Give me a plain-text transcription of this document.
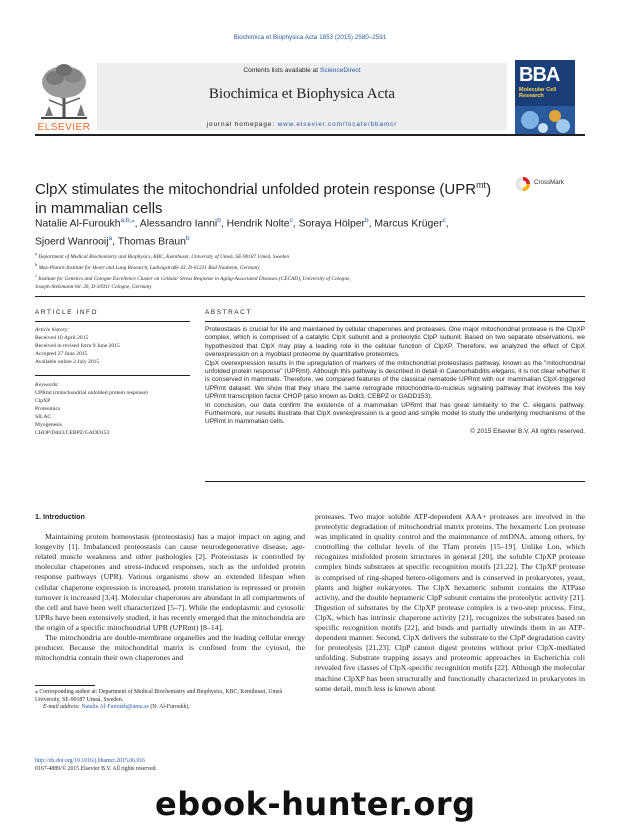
Biochimica et Biophysica Acta 1853 (2015) 2580–2591
ELSEVIER
Contents lists available at ScienceDirect
Biochimica et Biophysica Acta
journal homepage: www.elsevier.com/locate/bbamcr
BBA
Molecular Cell Research
ClpX stimulates the mitochondrial unfolded protein response $(UPR^{mt})$ in mammalian cells
CrossMark
Natalie Al-Furoukh$^{a,b,⁎}$, Alessandro Ianni$^b$, Hendrik Nolte$^c$, Soraya Hölper$^b$, Marcus Krüger$^c$,
Sjoerd Wanrooij$^a$, Thomas Braun$^b$
$^a$ Department of Medical Biochemistry and Biophysics, KBC, Kemihuset, University of Umeå, SE-90187 Umeå, Sweden
$^b$ Max-Planck-Institute for Heart and Lung Research, Ludwigstraße 43, D-61231 Bad Nauheim, Germany
$^c$ Institute for Genetics and Cologne Excellence Cluster on Cellular Stress Response in Aging-Associated Diseases (CECAD), University of Cologne,
Joseph-Stelzmann-Str. 26, D-50931 Cologne, Germany
ARTICLE INFO	ABSTRACT
Article history:
Received 10 April 2015
Received in revised form 9 June 2015
Accepted 27 June 2015
Available online 2 July 2015
Keywords:
UPRmt (mitochondrial unfolded protein response)
ClpXP
Proteomics
SILAC
Myogenesis
CHOP/Ddit3/CEBPZ/GADD153

Proteostasis is crucial for life and maintained by cellular chaperones and proteases. One major mitochondrial protease is the ClpXP complex, which is comprised of a catalytic ClpX subunit and a proteolytic ClpP subunit. Based on two separate observations, we hypothesized that ClpX may play a leading role in the cellular function of ClpXP. Therefore, we analyzed the effect of ClpX overexpression on a myoblast proteome by quantitative proteomics.

ClpX overexpression results in the upregulation of markers of the mitochondrial proteostasis pathway, known as the "mitochondrial unfolded protein response" (UPRmt). Although this pathway is described in detail in Caenorhabditis elegans, it is not clear whether it is conserved in mammals. Therefore, we compared features of the classical nematode UPRmt with our mammalian ClpX-triggered UPRmt dataset. We show that they share the same retrograde mitochondria-to-nucleus signaling pathway that involves the key UPRmt transcription factor CHOP (also known as Ddit3, CEBPZ or GADD153).

In conclusion, our data confirm the existence of a mammalian UPRmt that has great similarity to the C. elegans pathway. Furthermore, our results illustrate that ClpX overexpression is a good and simple model to study the underlying mechanisms of the UPRmt in mammalian cells.

© 2015 Elsevier B.V. All rights reserved.

1. Introduction

Maintaining protein homeostasis (proteostasis) has a major impact on aging and longevity [1]. Imbalanced proteostasis can cause neurodegenerative disease, age-related muscle weakness and other pathologies [2]. Proteostasis is controlled by molecular chaperones and stress-induced responses, such as the unfolded protein response pathways (UPR). Various organisms show an extended lifespan when cellular chaperone expression is increased, protein translation is repressed or protein turnover is increased [3,4]. Molecular chaperones are abundant in all compartments of the cell and have been well characterized [5–7]. While the endoplasmic and cytosolic UPRs have been extensively studied, it has recently emerged that the mitochondria are the origin of a specific mitochondrial UPR (UPRmt) [8–14].

The mitochondria are double-membrane organelles and the leading cellular energy producer. Because the mitochondrial matrix is confined from the cytosol, the mitochondria contain their own chaperones and

proteases. Two major soluble ATP-dependent AAA+ proteases are involved in the proteolytic degradation of mitochondrial matrix proteins. The hexameric Lon protease was implicated in quality control and the maintenance of mtDNA, among others, by controlling the cellular levels of the Tfam protein [15–19]. Unlike Lon, which recognizes misfolded protein structures in general [20], the soluble ClpXP protease complex binds substrates at specific recognition motifs [21,22]. The ClpXP protease is comprised of ring-shaped hetero-oligomers and is conserved in prokaryotes, yeast, plants and higher eukaryotes. The ClpX hexameric subunit contains the ATPase activity, and the double heptameric ClpP subunit contains the proteolytic activity [21]. Digestion of substrates by the ClpXP protease complex is a two-step process. First, ClpX, which has intrinsic chaperone activity [21], recognizes the substrates based on specific recognition motifs [22], and binds and partially unwinds them in an ATP-dependent manner. Second, ClpX delivers the substrate to the ClpP degradation cavity for proteolysis [21,23]. ClpP cannot digest proteins without prior ClpX-mediated unfolding. Substrate trapping assays and proteomic approaches in Escherichia coli revealed five classes of ClpX-specific recognition motifs [22]. Although the molecular machine ClpXP has been structurally and functionally characterized in prokaryotes in some detail, much less is known about

⁎ Corresponding author at: Department of Medical Biochemistry and Biophysics, KBC, Kemihuset, Umeå University, SE-90187 Umeå, Sweden.
E-mail address: Natalie.Al-Furoukh@umu.se (N. Al-Furoukh).
http://dx.doi.org/10.1016/j.bbamcr.2015.06.016
0167-4889/© 2015 Elsevier B.V. All rights reserved.
ebook-hunter.org
